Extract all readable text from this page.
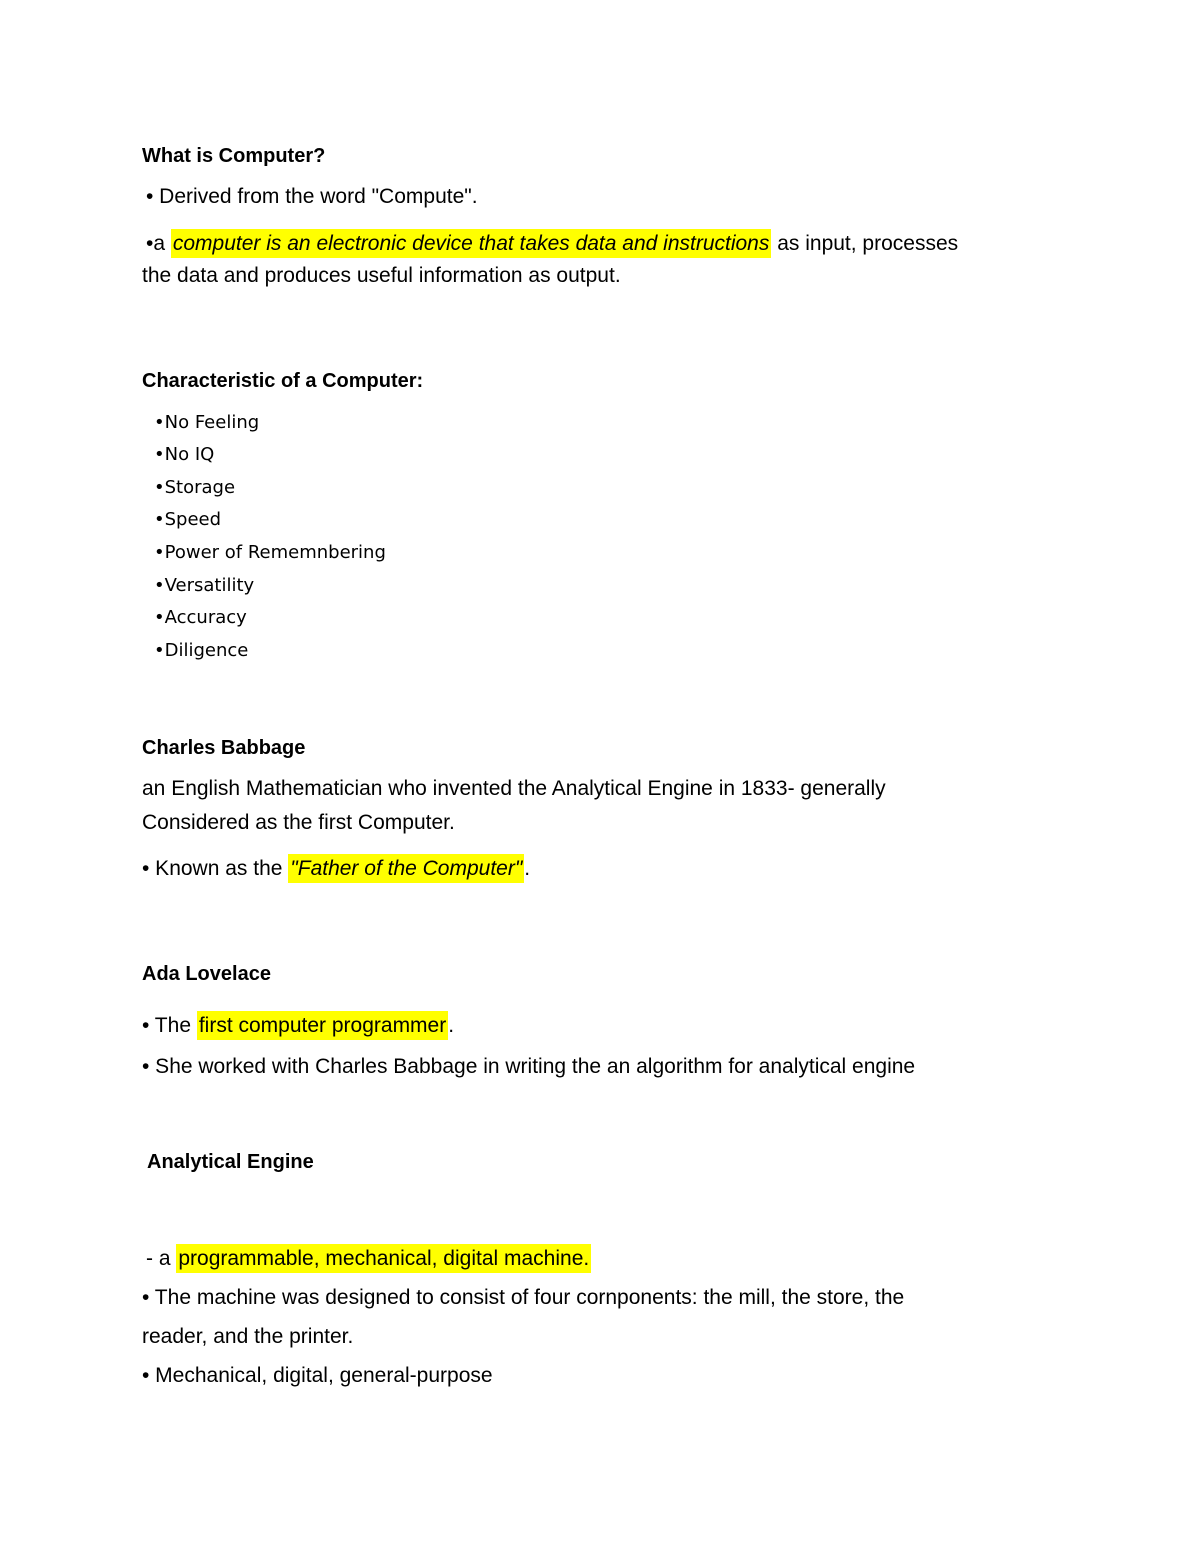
What is Computer?
• Derived from the word "Compute".
•a computer is an electronic device that takes data and instructions as input, processes
the data and produces useful information as output.
Characteristic of a Computer:
•No Feeling
•No IQ
•Storage
•Speed
•Power of Rememnbering
•Versatility
•Accuracy
•Diligence
Charles Babbage
an English Mathematician who invented the Analytical Engine in 1833- generally
Considered as the first Computer.
• Known as the "Father of the Computer".
Ada Lovelace
• The first computer programmer.
• She worked with Charles Babbage in writing the an algorithm for analytical engine
Analytical Engine
- a programmable, mechanical, digital machine.
• The machine was designed to consist of four cornponents: the mill, the store, the
reader, and the printer.
• Mechanical, digital, general-purpose
